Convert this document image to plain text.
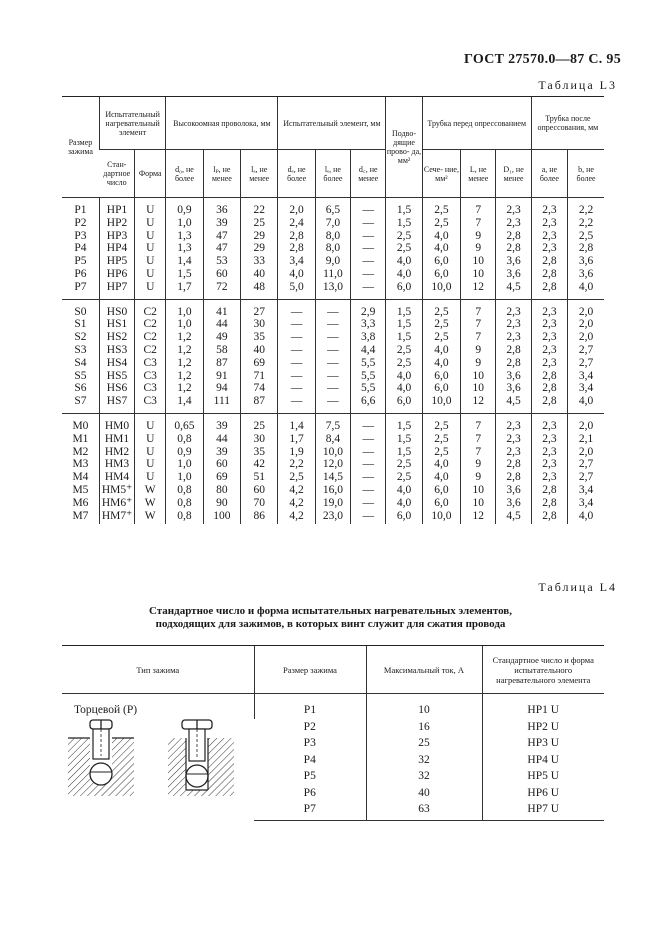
ГОСТ 27570.0—87 С. 95
Таблица L3
Размер зажима	Испытательный нагревательный элемент		Высокоомная проволока, мм			Испытательный элемент, мм			Подво- дящие прово- да, мм²	Трубка перед опрессованием			Трубка после опрессования, мм	
	Стан- дартное число	Форма	d₀, не более	lₚ, не менее	lₐ, не менее	dₑ, не более	lₑ, не более	d꜀, не менее		Сече- ние, мм²	L, не менее	D₁, не менее	а, не более	b, не более
P1	HP1	U	0,9	36	22	2,0	6,5	—	1,5	2,5	7	2,3	2,3	2,2
P2	HP2	U	1,0	39	25	2,4	7,0	—	1,5	2,5	7	2,3	2,3	2,2
P3	HP3	U	1,3	47	29	2,8	8,0	—	2,5	4,0	9	2,8	2,3	2,5
P4	HP4	U	1,3	47	29	2,8	8,0	—	2,5	4,0	9	2,8	2,3	2,8
P5	HP5	U	1,4	53	33	3,4	9,0	—	4,0	6,0	10	3,6	2,8	3,6
P6	HP6	U	1,5	60	40	4,0	11,0	—	4,0	6,0	10	3,6	2,8	3,6
P7	HP7	U	1,7	72	48	5,0	13,0	—	6,0	10,0	12	4,5	2,8	4,0
S0	HS0	C2	1,0	41	27	—	—	2,9	1,5	2,5	7	2,3	2,3	2,0
S1	HS1	C2	1,0	44	30	—	—	3,3	1,5	2,5	7	2,3	2,3	2,0
S2	HS2	C2	1,2	49	35	—	—	3,8	1,5	2,5	7	2,3	2,3	2,0
S3	HS3	C2	1,2	58	40	—	—	4,4	2,5	4,0	9	2,8	2,3	2,7
S4	HS4	C3	1,2	87	69	—	—	5,5	2,5	4,0	9	2,8	2,3	2,7
S5	HS5	C3	1,2	91	71	—	—	5,5	4,0	6,0	10	3,6	2,8	3,4
S6	HS6	C3	1,2	94	74	—	—	5,5	4,0	6,0	10	3,6	2,8	3,4
S7	HS7	C3	1,4	111	87	—	—	6,6	6,0	10,0	12	4,5	2,8	4,0
M0	HM0	U	0,65	39	25	1,4	7,5	—	1,5	2,5	7	2,3	2,3	2,0
M1	HM1	U	0,8	44	30	1,7	8,4	—	1,5	2,5	7	2,3	2,3	2,1
M2	HM2	U	0,9	39	35	1,9	10,0	—	1,5	2,5	7	2,3	2,3	2,0
M3	HM3	U	1,0	60	42	2,2	12,0	—	2,5	4,0	9	2,8	2,3	2,7
M4	HM4	U	1,0	69	51	2,5	14,5	—	2,5	4,0	9	2,8	2,3	2,7
M5	HM5⁺	W	0,8	80	60	4,2	16,0	—	4,0	6,0	10	3,6	2,8	3,4
M6	HM6⁺	W	0,8	90	70	4,2	19,0	—	4,0	6,0	10	3,6	2,8	3,4
M7	HM7⁺	W	0,8	100	86	4,2	23,0	—	6,0	10,0	12	4,5	2,8	4,0
Таблица L4
Стандартное число и форма испытательных нагревательных элементов,
подходящих для зажимов, в которых винт служит для сжатия провода
Тип зажима	Размер зажима	Максимальный ток, А	Стандартное число и форма испытательного нагревательного элемента
Торцевой (Р)	P1	10	HP1 U
	P2	16	HP2 U
	P3	25	HP3 U
	P4	32	HP4 U
	P5	32	HP5 U
	P6	40	HP6 U
	P7	63	HP7 U
